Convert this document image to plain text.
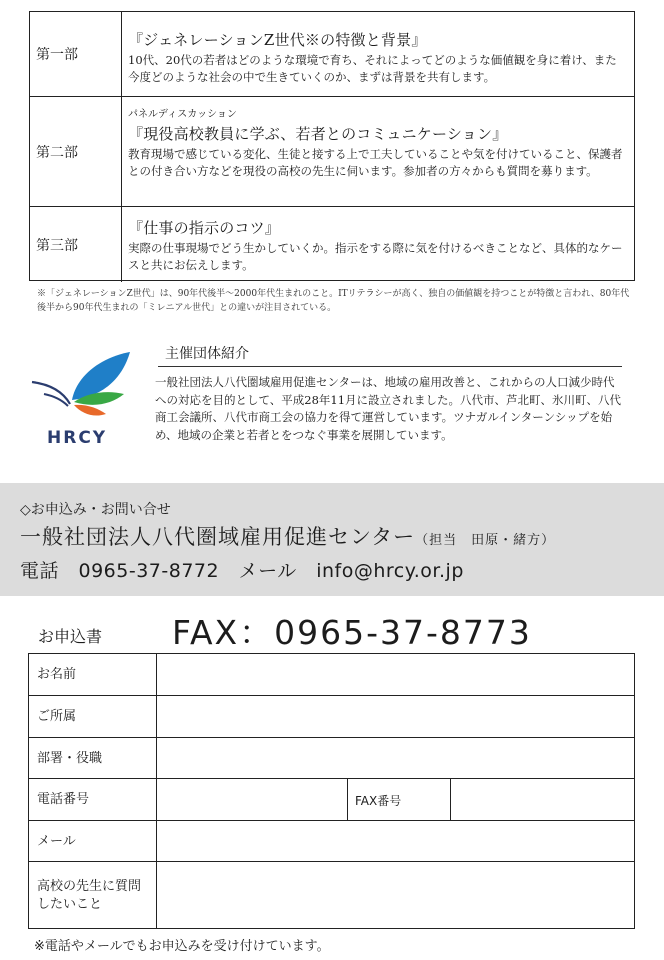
第一部
『ジェネレーションZ世代※の特徴と背景』
10代、20代の若者はどのような環境で育ち、それによってどのような価値観を身に着け、また今度どのような社会の中で生きていくのか、まずは背景を共有します。
第二部
パネルディスカッション
『現役高校教員に学ぶ、若者とのコミュニケーション』
教育現場で感じている変化、生徒と接する上で工夫していることや気を付けていること、保護者との付き合い方などを現役の高校の先生に伺います。参加者の方々からも質問を募ります。
第三部
『仕事の指示のコツ』
実際の仕事現場でどう生かしていくか。指示をする際に気を付けるべきことなど、具体的なケースと共にお伝えします。
※「ジェネレーションZ世代」は、90年代後半〜2000年代生まれのこと。ITリテラシーが高く、独自の価値観を持つことが特徴と言われ、80年代後半から90年代生まれの「ミレニアル世代」との違いが注目されている。
HRCY
主催団体紹介
一般社団法人八代圏域雇用促進センターは、地域の雇用改善と、これからの人口減少時代への対応を目的として、平成28年11月に設立されました。八代市、芦北町、氷川町、八代商工会議所、八代市商工会の協力を得て運営しています。ツナガルインターンシップを始め、地域の企業と若者とをつなぐ事業を展開しています。
◇お申込み・お問い合せ
一般社団法人八代圏域雇用促進センター（担当　田原・緒方）
電話　0965-37-8772　メール　info@hrcy.or.jp
お申込書 FAX：0965-37-8773
お名前
ご所属
部署・役職
電話番号	FAX番号
メール
高校の先生に質問したいこと
※電話やメールでもお申込みを受け付けています。
